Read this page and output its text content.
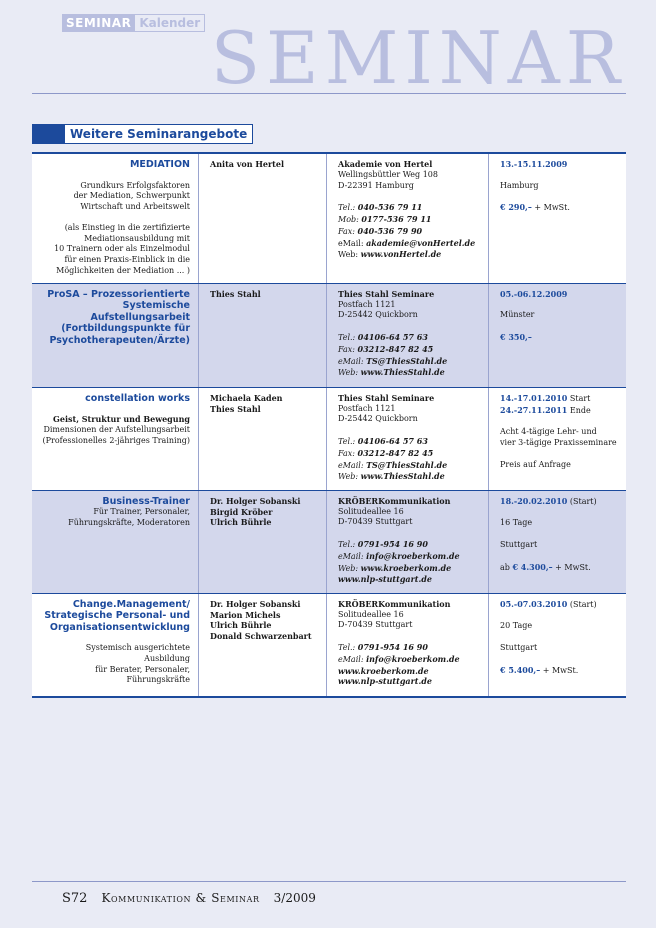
SEMINAR Kalender SEMINAR
Weitere Seminarangebote
MEDIATION
Grundkurs Erfolgsfaktoren
der Mediation, Schwerpunkt
Wirtschaft und Arbeitswelt
(als Einstieg in die zertifizierte
Mediationsausbildung mit
10 Trainern oder als Einzelmodul
für einen Praxis-Einblick in die
Möglichkeiten der Mediation ... )
Anita von Hertel	Akademie von Hertel
Wellingsbüttler Weg 108
D-22391 Hamburg
Tel.: 040-536 79 11
Mob: 0177-536 79 11
Fax: 040-536 79 90
eMail: akademie@vonHertel.de
Web: www.vonHertel.de
13.-15.11.2009
Hamburg
€ 290,– + MwSt.
ProSA – Prozessorientierte Systemische Aufstellungsarbeit (Fortbildungspunkte für Psychotherapeuten/Ärzte)
Thies Stahl	Thies Stahl Seminare
Postfach 1121
D-25442 Quickborn
Tel.: 04106-64 57 63
Fax: 03212-847 82 45
eMail: TS@ThiesStahl.de
Web: www.ThiesStahl.de
05.-06.12.2009
Münster
€ 350,–
constellation works
Geist, Struktur und Bewegung
Dimensionen der Aufstellungsarbeit
(Professionelles 2-jähriges Training)
Michaela Kaden
Thies Stahl
Thies Stahl Seminare
Postfach 1121
D-25442 Quickborn
Tel.: 04106-64 57 63
Fax: 03212-847 82 45
eMail: TS@ThiesStahl.de
Web: www.ThiesStahl.de
14.-17.01.2010 Start
24.-27.11.2011 Ende
Acht 4-tägige Lehr- und
vier 3-tägige Praxisseminare
Preis auf Anfrage
Business-Trainer
Für Trainer, Personaler,
Führungskräfte, Moderatoren
Dr. Holger Sobanski
Birgid Kröber
Ulrich Bührle
KRÖBERKommunikation
Solitudeallee 16
D-70439 Stuttgart
Tel.: 0791-954 16 90
eMail: info@kroeberkom.de
Web: www.kroeberkom.de
www.nlp-stuttgart.de
18.-20.02.2010 (Start)
16 Tage
Stuttgart
ab € 4.300,– + MwSt.
Change.Management/ Strategische Personal- und Organisationsentwicklung
Systemisch ausgerichtete Ausbildung
für Berater, Personaler, Führungskräfte
Dr. Holger Sobanski
Marion Michels
Ulrich Bührle
Donald Schwarzenbart
KRÖBERKommunikation
Solitudeallee 16
D-70439 Stuttgart
Tel.: 0791-954 16 90
eMail: info@kroeberkom.de
www.kroeberkom.de
www.nlp-stuttgart.de
05.-07.03.2010 (Start)
20 Tage
Stuttgart
€ 5.400,– + MwSt.
S72 Kommunikation & Seminar 3/2009
